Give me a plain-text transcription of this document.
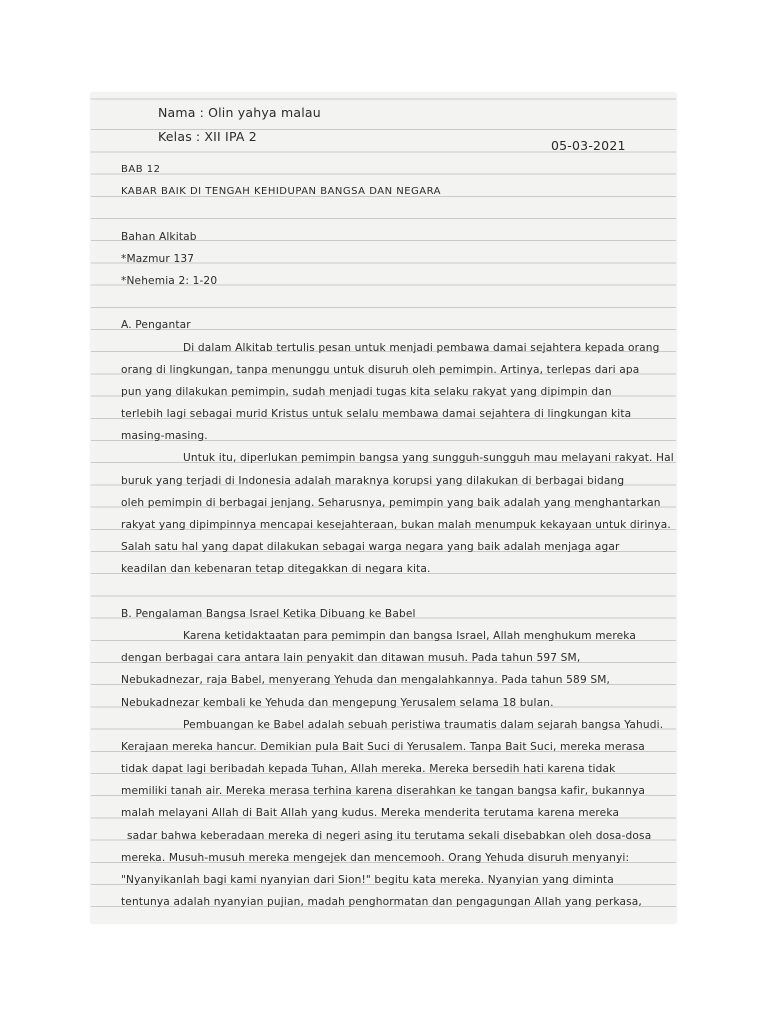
Nama : Olin yahya malau
Kelas : XII IPA 2
05-03-2021
BAB 12
KABAR BAIK DI TENGAH KEHIDUPAN BANGSA DAN NEGARA
Bahan Alkitab
*Mazmur 137
*Nehemia 2: 1-20
A. Pengantar
Di dalam Alkitab tertulis pesan untuk menjadi pembawa damai sejahtera kepada orang
orang di lingkungan, tanpa menunggu untuk disuruh oleh pemimpin. Artinya, terlepas dari apa
pun yang dilakukan pemimpin, sudah menjadi tugas kita selaku rakyat yang dipimpin dan
terlebih lagi sebagai murid Kristus untuk selalu membawa damai sejahtera di lingkungan kita
masing-masing.
Untuk itu, diperlukan pemimpin bangsa yang sungguh-sungguh mau melayani rakyat. Hal
buruk yang terjadi di Indonesia adalah maraknya korupsi yang dilakukan di berbagai bidang
oleh pemimpin di berbagai jenjang. Seharusnya, pemimpin yang baik adalah yang menghantarkan
rakyat yang dipimpinnya mencapai kesejahteraan, bukan malah menumpuk kekayaan untuk dirinya.
Salah satu hal yang dapat dilakukan sebagai warga negara yang baik adalah menjaga agar
keadilan dan kebenaran tetap ditegakkan di negara kita.
B. Pengalaman Bangsa Israel Ketika Dibuang ke Babel
Karena ketidaktaatan para pemimpin dan bangsa Israel, Allah menghukum mereka
dengan berbagai cara antara lain penyakit dan ditawan musuh. Pada tahun 597 SM,
Nebukadnezar, raja Babel, menyerang Yehuda dan mengalahkannya. Pada tahun 589 SM,
Nebukadnezar kembali ke Yehuda dan mengepung Yerusalem selama 18 bulan.
Pembuangan ke Babel adalah sebuah peristiwa traumatis dalam sejarah bangsa Yahudi.
Kerajaan mereka hancur. Demikian pula Bait Suci di Yerusalem. Tanpa Bait Suci, mereka merasa
tidak dapat lagi beribadah kepada Tuhan, Allah mereka. Mereka bersedih hati karena tidak
memiliki tanah air. Mereka merasa terhina karena diserahkan ke tangan bangsa kafir, bukannya
malah melayani Allah di Bait Allah yang kudus. Mereka menderita terutama karena mereka
sadar bahwa keberadaan mereka di negeri asing itu terutama sekali disebabkan oleh dosa-dosa
mereka. Musuh-musuh mereka mengejek dan mencemooh. Orang Yehuda disuruh menyanyi:
"Nyanyikanlah bagi kami nyanyian dari Sion!" begitu kata mereka. Nyanyian yang diminta
tentunya adalah nyanyian pujian, madah penghormatan dan pengagungan Allah yang perkasa,
